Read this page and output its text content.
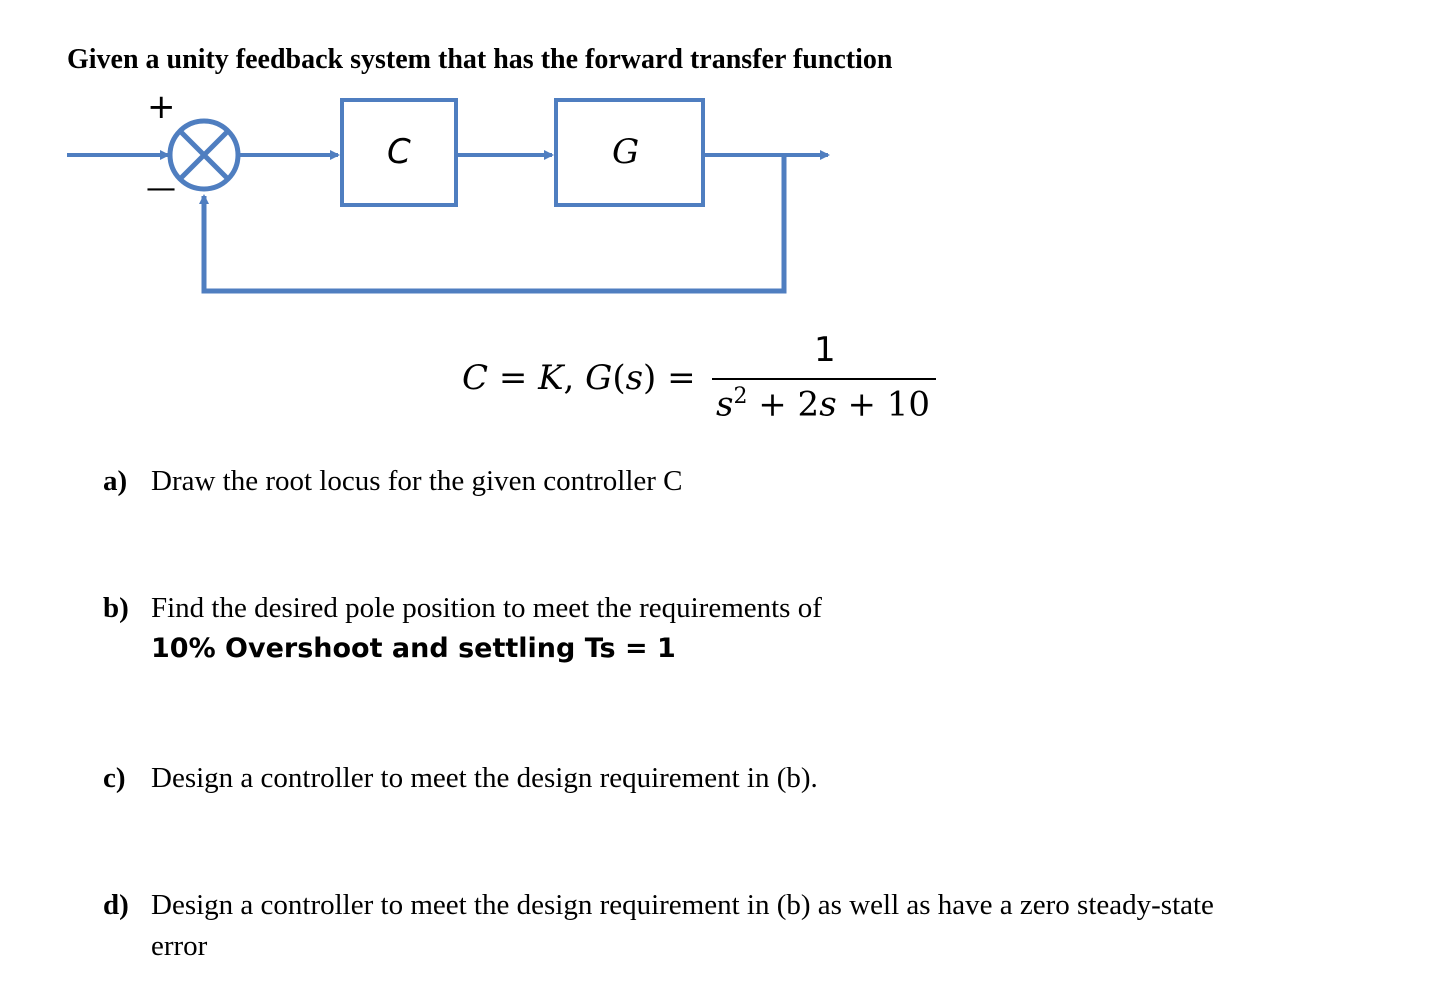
Given a unity feedback system that has the forward transfer function
+
—
C	G
C = K, G(s) =
1
$s^2 + 2s + 10$
a) Draw the root locus for the given controller C
b) Find the desired pole position to meet the requirements of
10% Overshoot and settling Ts = 1
c) Design a controller to meet the design requirement in (b).
d) Design a controller to meet the design requirement in (b) as well as have a zero steady-state
error
